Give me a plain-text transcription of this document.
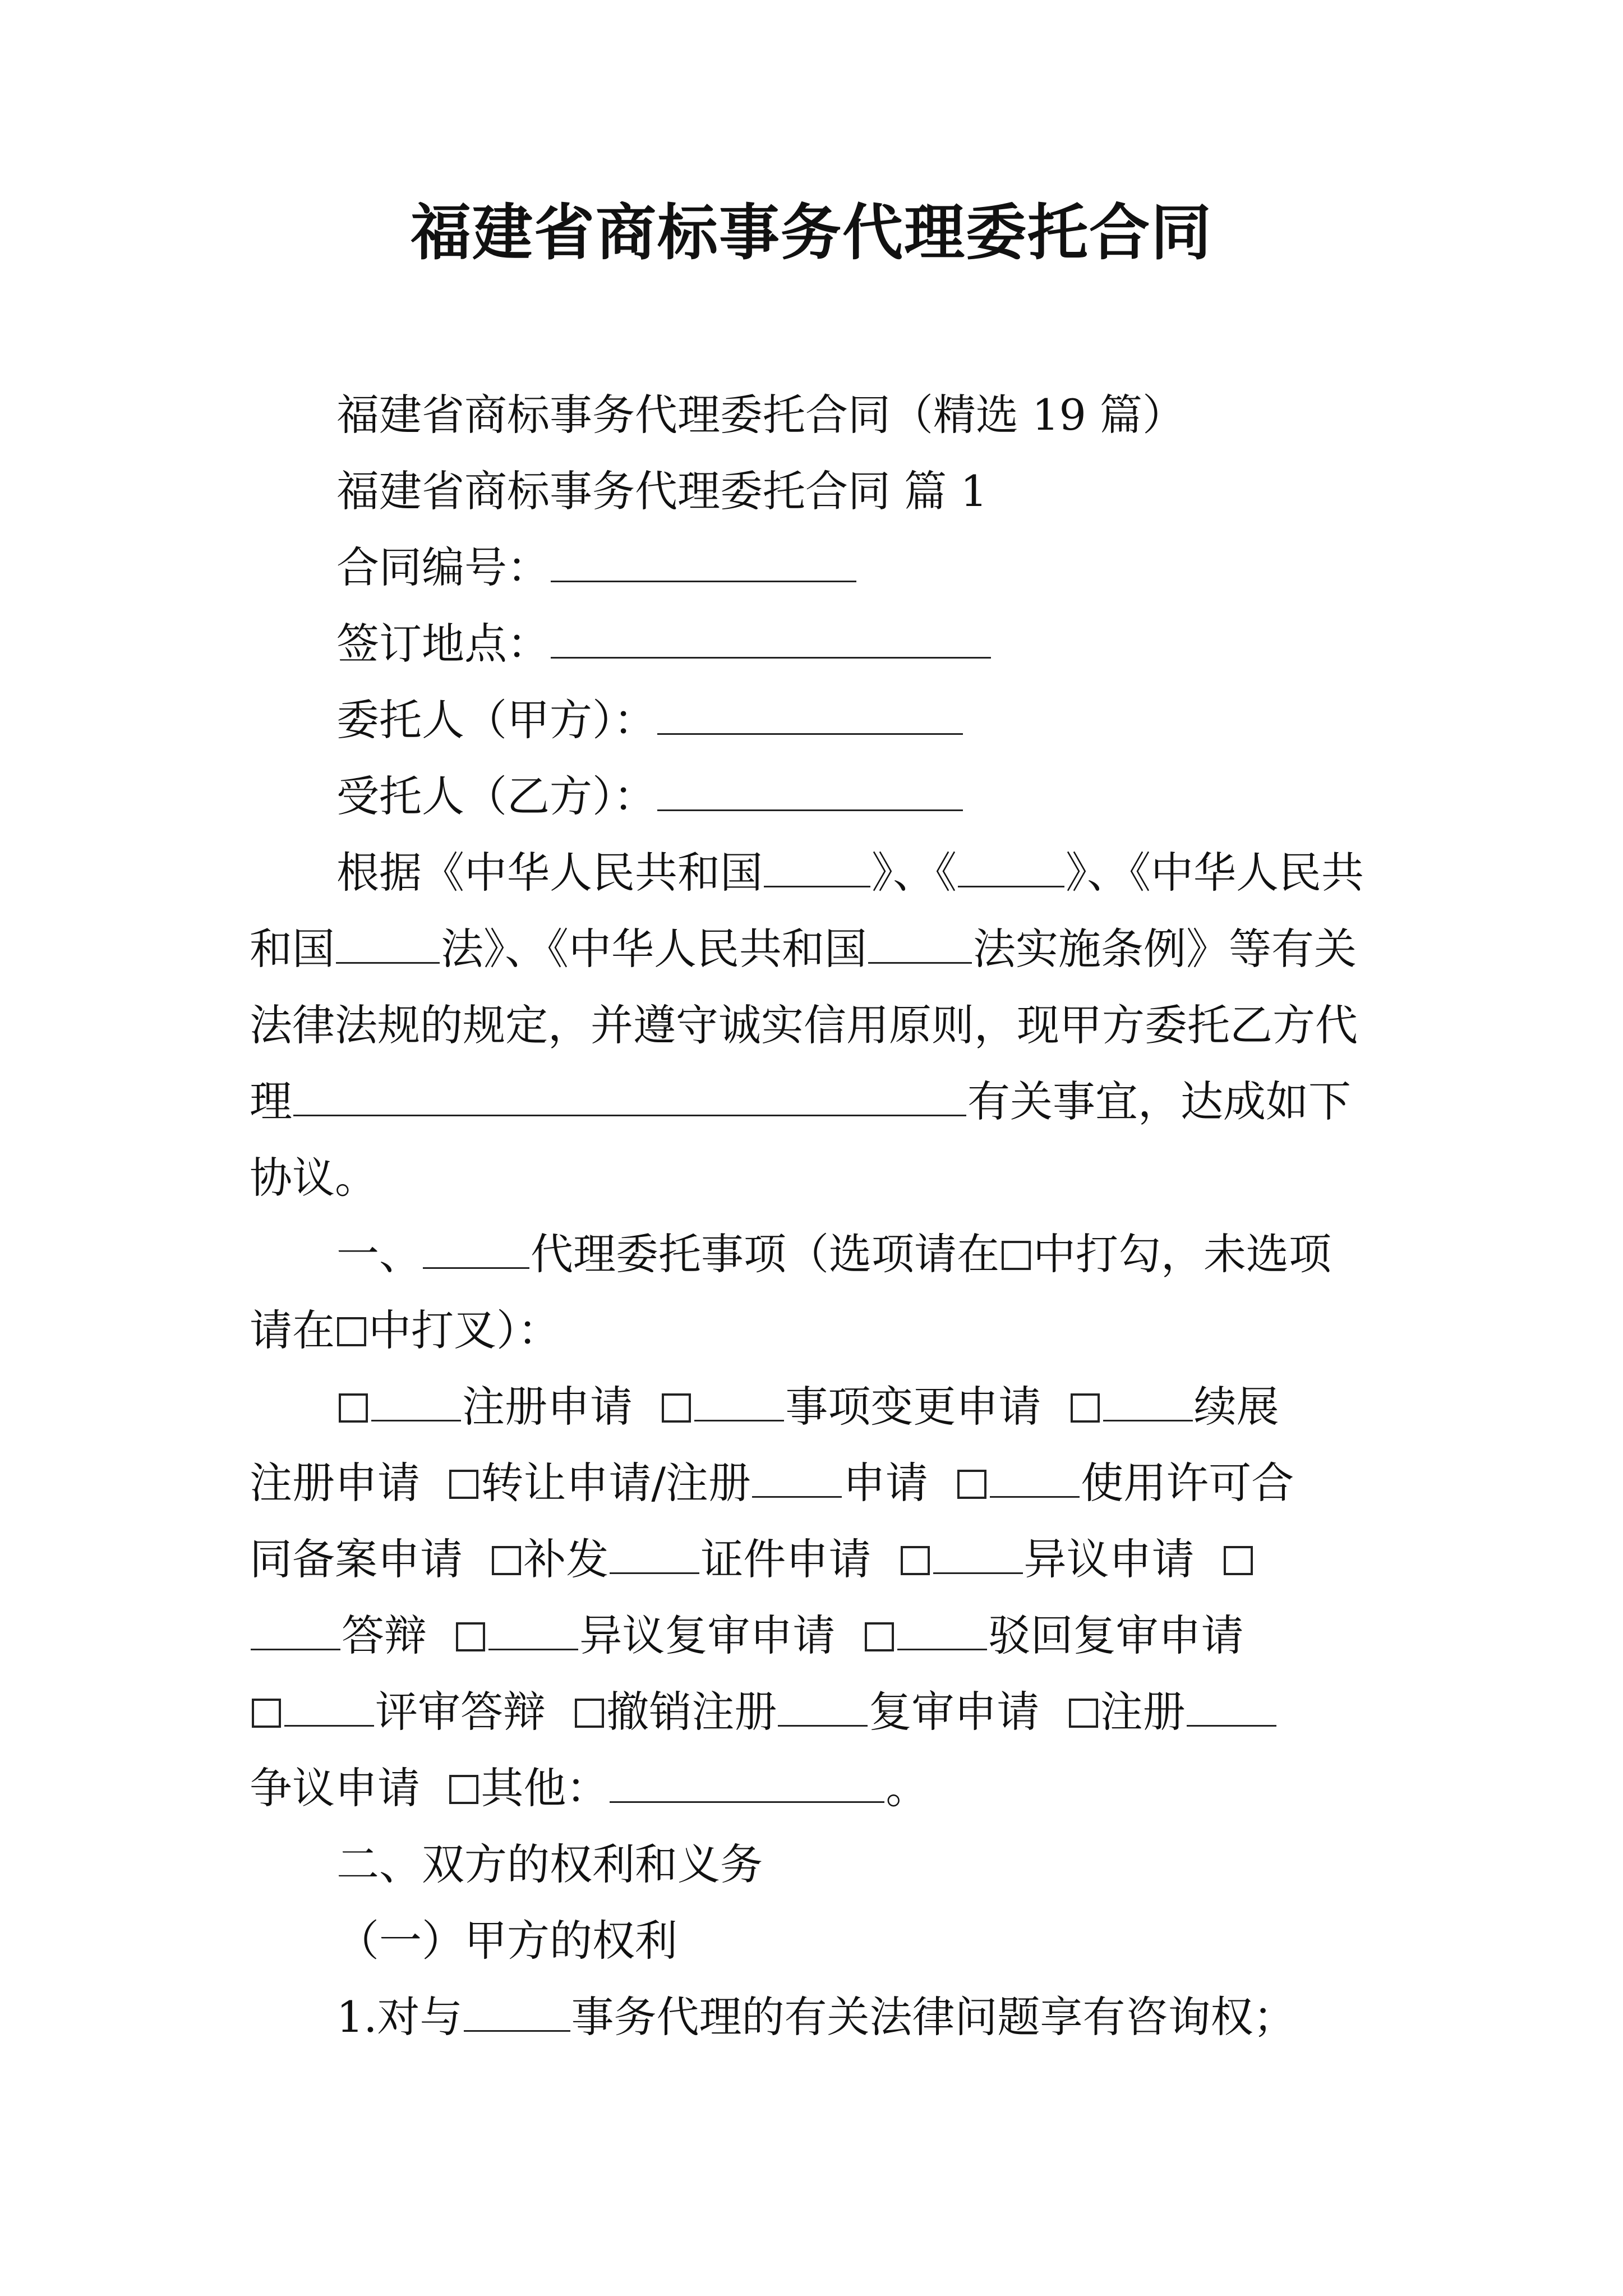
福建省商标事务代理委托合同
福建省商标事务代理委托合同（精选 19 篇）
福建省商标事务代理委托合同 篇 1
合同编号：
签订地点：
委托人（甲方）：
受托人（乙方）：
根据《中华人民共和国	》、《	》、《中华人民共
和国 法》、《中华人民共和国 法实施条例》等有关
法律法规的规定，并遵守诚实信用原则，现甲方委托乙方代
理	有关事宜，达成如下
协议。
一、	代理委托事项（选项请在 中打勾，未选项
请在 中打叉）：
注册申请	事项变更申请	续展
注册申请 转让申请/注册 申请	使用许可合
同备案申请 补发 证件申请	异议申请
答辩	异议复审申请	驳回复审申请
评审答辩 撤销注册 复审申请 注册
争议申请 其他：	。
二、双方的权利和义务
（一）甲方的权利
1.对与	事务代理的有关法律问题享有咨询权；
